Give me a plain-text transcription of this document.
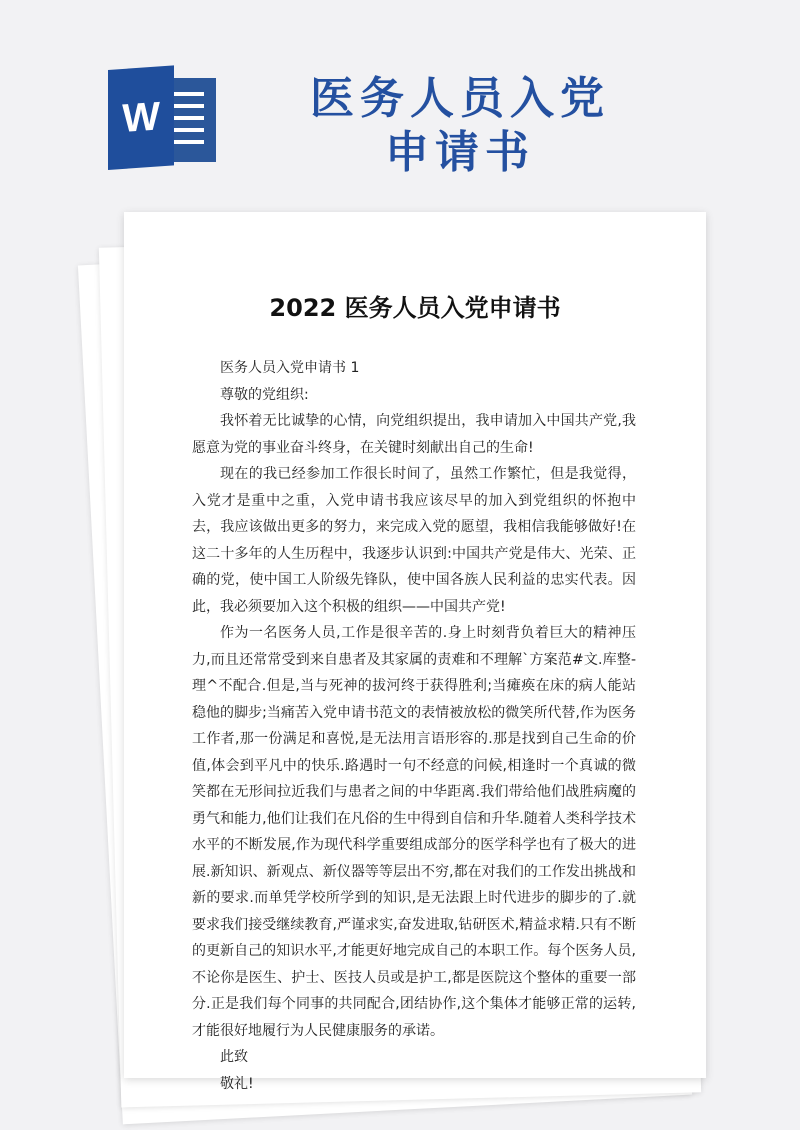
W	医务人员入党
申请书
2022 医务人员入党申请书

医务人员入党申请书 1

尊敬的党组织:

我怀着无比诚挚的心情，向党组织提出，我申请加入中国共产党,我愿意为党的事业奋斗终身，在关键时刻献出自己的生命!

现在的我已经参加工作很长时间了，虽然工作繁忙，但是我觉得，入党才是重中之重，入党申请书我应该尽早的加入到党组织的怀抱中去，我应该做出更多的努力，来完成入党的愿望，我相信我能够做好!在这二十多年的人生历程中，我逐步认识到:中国共产党是伟大、光荣、正确的党，使中国工人阶级先锋队，使中国各族人民利益的忠实代表。因此，我必须要加入这个积极的组织——中国共产党!

作为一名医务人员,工作是很辛苦的.身上时刻背负着巨大的精神压力,而且还常常受到来自患者及其家属的责难和不理解`方案范#文.库整-理^不配合.但是,当与死神的拔河终于获得胜利;当瘫痪在床的病人能站稳他的脚步;当痛苦入党申请书范文的表情被放松的微笑所代替,作为医务工作者,那一份满足和喜悦,是无法用言语形容的.那是找到自己生命的价值,体会到平凡中的快乐.路遇时一句不经意的问候,相逢时一个真诚的微笑都在无形间拉近我们与患者之间的中华距离.我们带给他们战胜病魔的勇气和能力,他们让我们在凡俗的生中得到自信和升华.随着人类科学技术水平的不断发展,作为现代科学重要组成部分的医学科学也有了极大的进展.新知识、新观点、新仪器等等层出不穷,都在对我们的工作发出挑战和新的要求.而单凭学校所学到的知识,是无法跟上时代进步的脚步的了.就要求我们接受继续教育,严谨求实,奋发进取,钻研医术,精益求精.只有不断的更新自己的知识水平,才能更好地完成自己的本职工作。每个医务人员,不论你是医生、护士、医技人员或是护工,都是医院这个整体的重要一部分.正是我们每个同事的共同配合,团结协作,这个集体才能够正常的运转,才能很好地履行为人民健康服务的承诺。

此致

敬礼!
